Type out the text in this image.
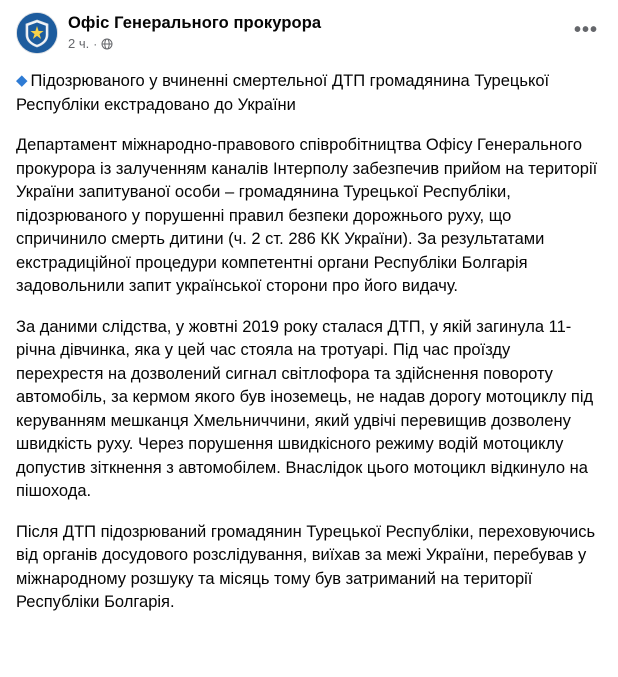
Офіс Генерального прокурора
2 ч. ·
•••

◆ Підозрюваного у вчиненні смертельної ДТП громадянина Турецької Республіки екстрадовано до України

Департамент міжнародно-правового співробітництва Офісу Генерального прокурора із залученням каналів Інтерполу забезпечив прийом на території України запитуваної особи – громадянина Турецької Республіки, підозрюваного у порушенні правил безпеки дорожнього руху, що спричинило смерть дитини (ч. 2 ст. 286 КК України). За результатами екстрадиційної процедури компетентні органи Республіки Болгарія задовольнили запит української сторони про його видачу.

За даними слідства, у жовтні 2019 року сталася ДТП, у якій загинула 11-річна дівчинка, яка у цей час стояла на тротуарі. Під час проїзду перехрестя на дозволений сигнал світлофора та здійснення повороту автомобіль, за кермом якого був іноземець, не надав дорогу мотоциклу під керуванням мешканця Хмельниччини, який удвічі перевищив дозволену швидкість руху. Через порушення швидкісного режиму водій мотоциклу допустив зіткнення з автомобілем. Внаслідок цього мотоцикл відкинуло на пішохода.

Після ДТП підозрюваний громадянин Турецької Республіки, переховуючись від органів досудового розслідування, виїхав за межі України, перебував у міжнародному розшуку та місяць тому був затриманий на території Республіки Болгарія.
